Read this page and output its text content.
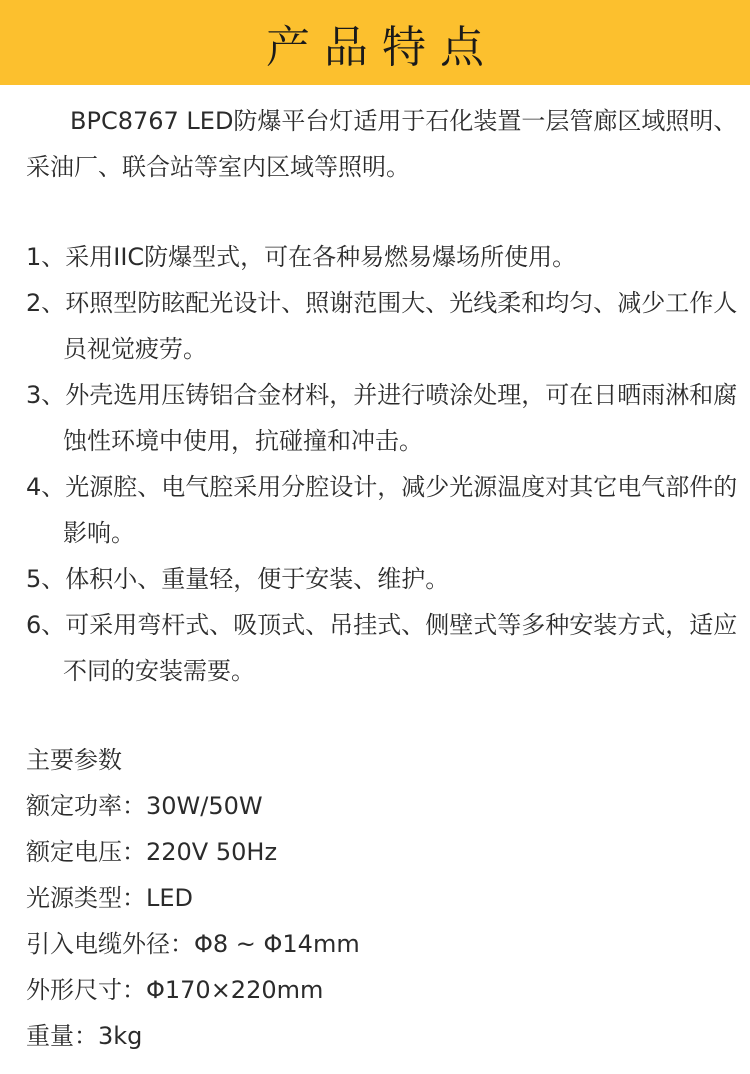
产品特点

BPC8767 LED防爆平台灯适用于石化装置一层管廊区域照明、采油厂、联合站等室内区域等照明。

1、采用IIC防爆型式，可在各种易燃易爆场所使用。
2、环照型防眩配光设计、照谢范围大、光线柔和均匀、减少工作人员视觉疲劳。
3、外壳选用压铸铝合金材料，并进行喷涂处理，可在日晒雨淋和腐蚀性环境中使用，抗碰撞和冲击。
4、光源腔、电气腔采用分腔设计，减少光源温度对其它电气部件的影响。
5、体积小、重量轻，便于安装、维护。
6、可采用弯杆式、吸顶式、吊挂式、侧壁式等多种安装方式，适应不同的安装需要。
主要参数
额定功率：30W/50W
额定电压：220V 50Hz
光源类型：LED
引入电缆外径：Φ8 ~ Φ14mm
外形尺寸：Φ170×220mm
重量：3kg
